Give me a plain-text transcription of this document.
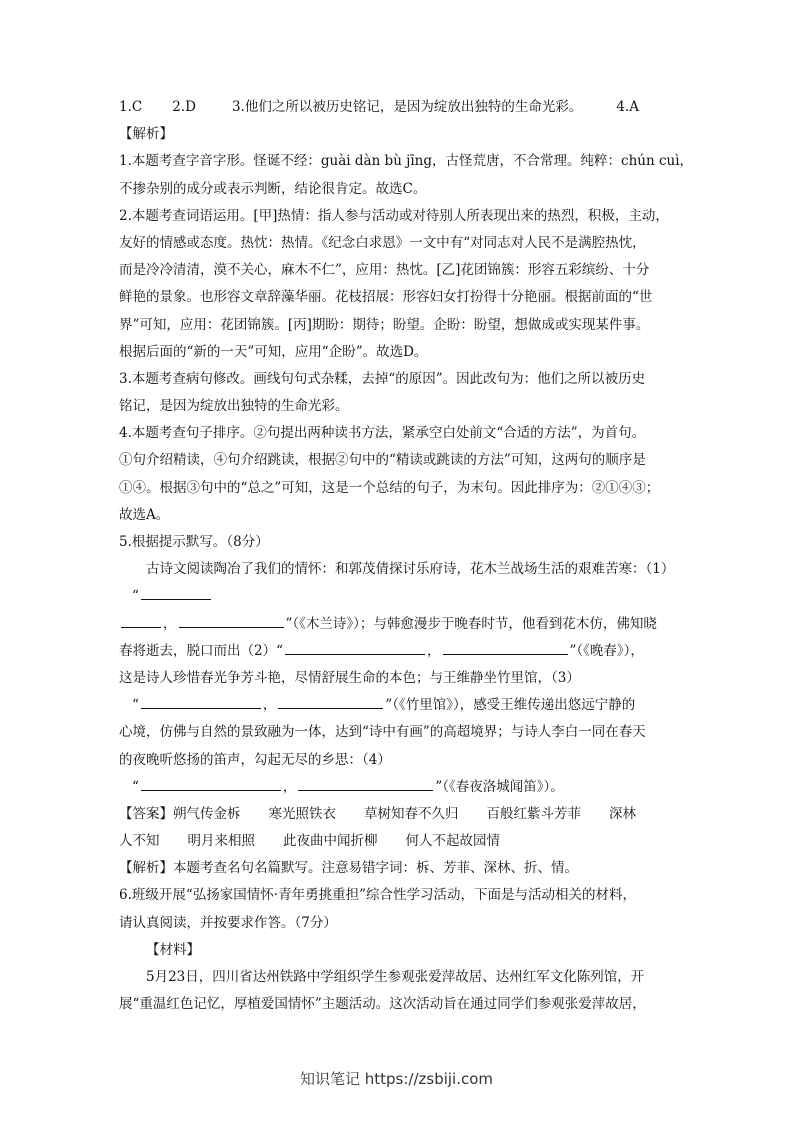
1.C 2.D	3.他们之所以被历史铭记，是因为绽放出独特的生命光彩。	4.A
【解析】
1.本题考查字音字形。怪诞不经：guài dàn bù jīng，古怪荒唐，不合常理。纯粹：chún cuì，
不掺杂别的成分或表示判断，结论很肯定。故选C。
2.本题考查词语运用。[甲]热情：指人参与活动或对待别人所表现出来的热烈，积极，主动，
友好的情感或态度。热忱：热情。《纪念白求恩》一文中有“对同志对人民不是满腔热忱，
而是冷冷清清，漠不关心，麻木不仁”，应用：热忱。[乙]花团锦簇：形容五彩缤纷、十分
鲜艳的景象。也形容文章辞藻华丽。花枝招展：形容妇女打扮得十分艳丽。根据前面的“世
界”可知，应用：花团锦簇。[丙]期盼：期待；盼望。企盼：盼望，想做成或实现某件事。
根据后面的“新的一天”可知，应用“企盼”。故选D。
3.本题考查病句修改。画线句句式杂糅，去掉“的原因”。因此改句为：他们之所以被历史
铭记，是因为绽放出独特的生命光彩。
4.本题考查句子排序。②句提出两种读书方法，紧承空白处前文“合适的方法”，为首句。
①句介绍精读，④句介绍跳读，根据②句中的“精读或跳读的方法”可知，这两句的顺序是
①④。根据③句中的“总之”可知，这是一个总结的句子，为末句。因此排序为：②①④③；
故选A。
5.根据提示默写。（8分）
古诗文阅读陶冶了我们的情怀：和郭茂倩探讨乐府诗，花木兰战场生活的艰难苦寒：（1）
“
，	”（《木兰诗》）；与韩愈漫步于晚春时节，他看到花木仿，佛知晓
春将逝去，脱口而出（2）“	，	”（《晚春》），
这是诗人珍惜春光争芳斗艳，尽情舒展生命的本色；与王维静坐竹里馆，（3）
“	，	”（《竹里馆》），感受王维传递出悠远宁静的
心境，仿佛与自然的景致融为一体，达到“诗中有画”的高超境界；与诗人李白一同在春天
的夜晚听悠扬的笛声，勾起无尽的乡思：（4）
“	，	”（《春夜洛城闻笛》）。
【答案】朔气传金柝 寒光照铁衣 草树知春不久归 百般红紫斗芳菲 深林
人不知 明月来相照 此夜曲中闻折柳 何人不起故园情
【解析】本题考查名句名篇默写。注意易错字词：柝、芳菲、深林、折、情。
6.班级开展“弘扬家国情怀·青年勇挑重担”综合性学习活动，下面是与活动相关的材料，
请认真阅读，并按要求作答。（7分）
【材料】
5月23日，四川省达州铁路中学组织学生参观张爱萍故居、达州红军文化陈列馆，开
展“重温红色记忆，厚植爱国情怀”主题活动。这次活动旨在通过同学们参观张爱萍故居，
知识笔记 https://zsbiji.com
